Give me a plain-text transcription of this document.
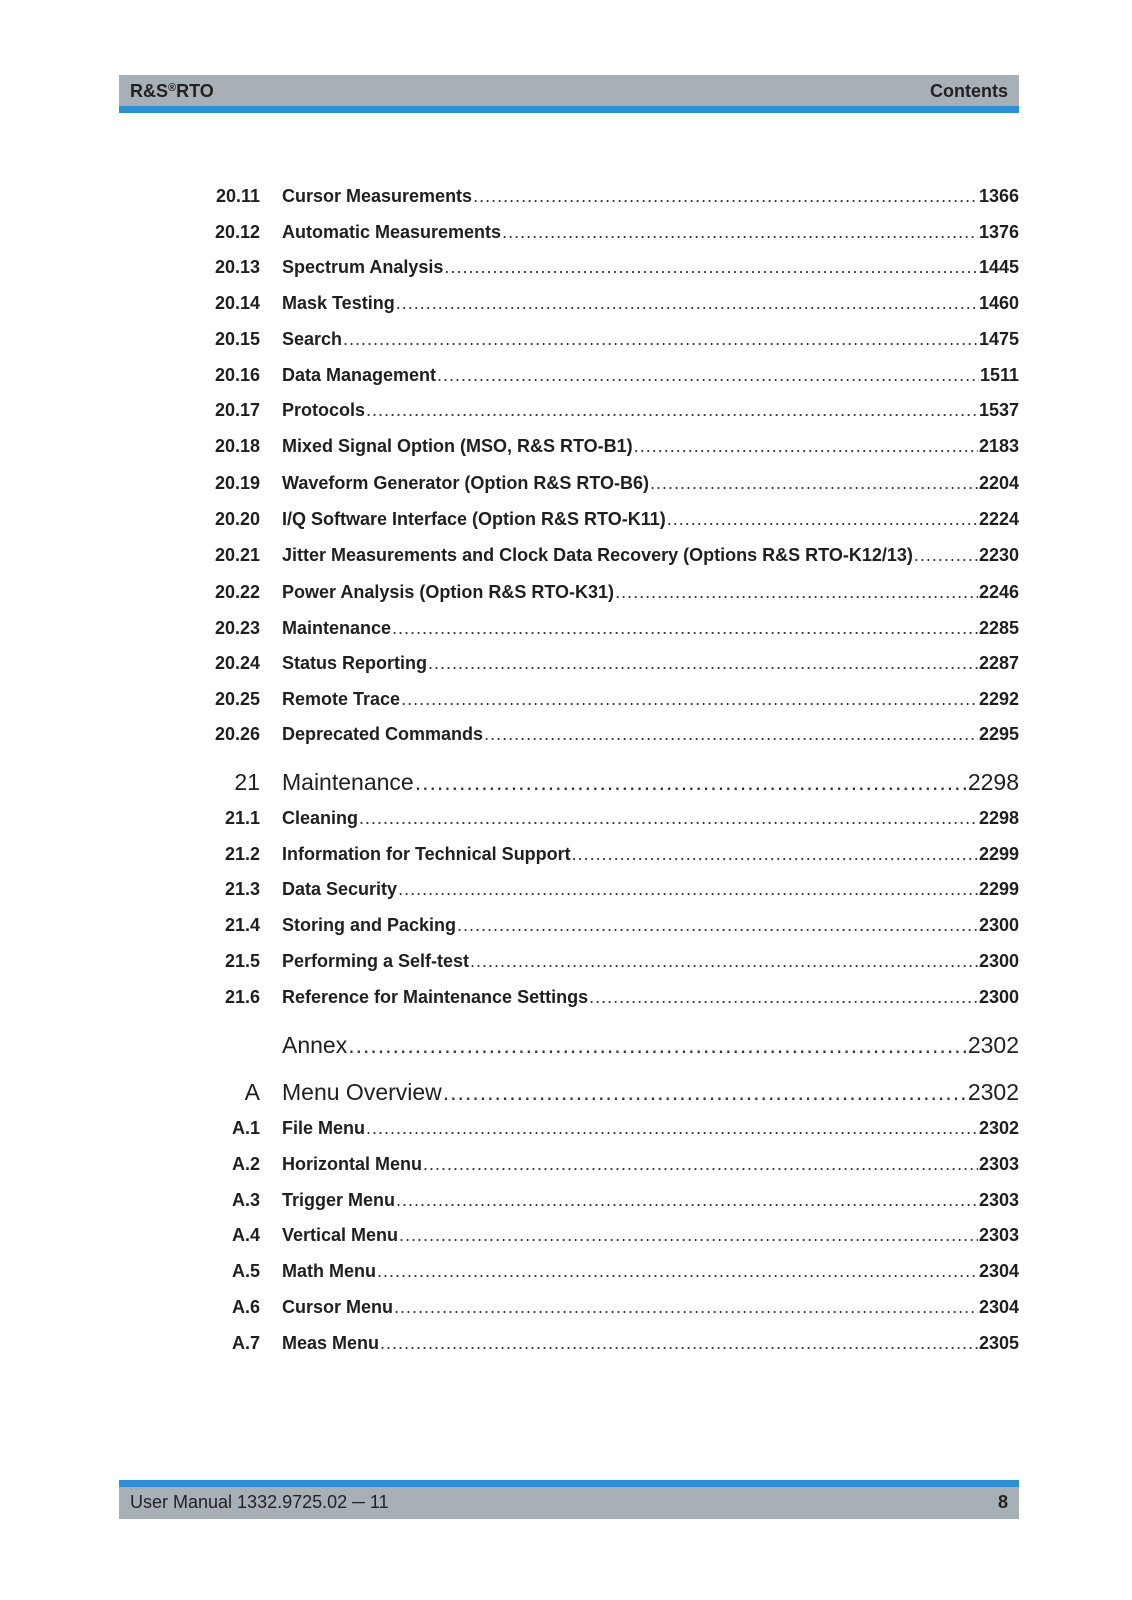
R&S®RTO	Contents
20.11 Cursor Measurements .....	1366
20.12 Automatic Measurements .....	1376
20.13 Spectrum Analysis .....	1445
20.14 Mask Testing .....	1460
20.15 Search .....	1475
20.16 Data Management .....	1511
20.17 Protocols .....	1537
20.18 Mixed Signal Option (MSO, R&S RTO-B1) .....	2183
20.19 Waveform Generator (Option R&S RTO-B6) .....	2204
20.20 I/Q Software Interface (Option R&S RTO-K11) .....	2224
20.21 Jitter Measurements and Clock Data Recovery (Options R&S RTO-K12/13) .....	2230
20.22 Power Analysis (Option R&S RTO-K31) .....	2246
20.23 Maintenance .....	2285
20.24 Status Reporting .....	2287
20.25 Remote Trace .....	2292
20.26 Deprecated Commands .....	2295
21 Maintenance .....	2298
21.1 Cleaning .....	2298
21.2 Information for Technical Support .....	2299
21.3 Data Security .....	2299
21.4 Storing and Packing .....	2300
21.5 Performing a Self-test .....	2300
21.6 Reference for Maintenance Settings .....	2300
Annex .....	2302
A Menu Overview .....	2302
A.1 File Menu .....	2302
A.2 Horizontal Menu .....	2303
A.3 Trigger Menu .....	2303
A.4 Vertical Menu .....	2303
A.5 Math Menu .....	2304
A.6 Cursor Menu .....	2304
A.7 Meas Menu .....	2305
User Manual 1332.9725.02 ─ 11	8
